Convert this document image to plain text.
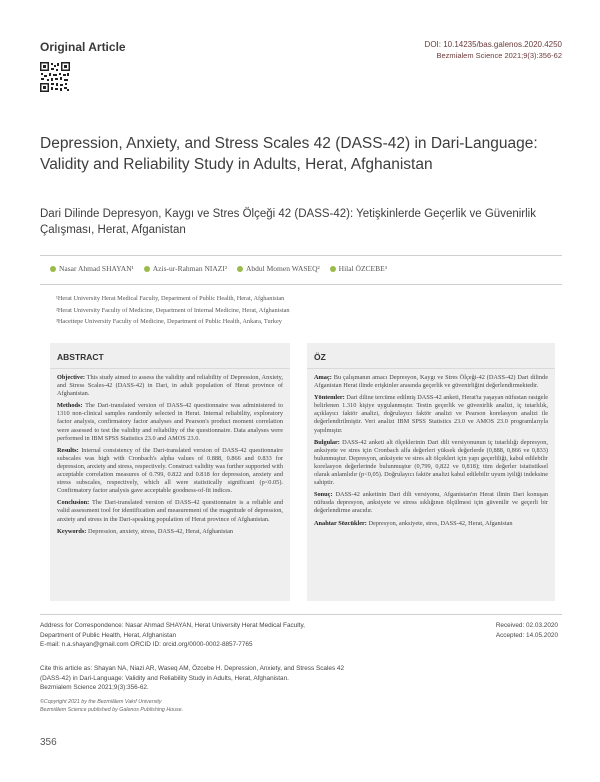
Original Article	DOI: 10.14235/bas.galenos.2020.4250
Bezmialem Science 2021;9(3):356-62
Depression, Anxiety, and Stress Scales 42 (DASS-42) in Dari-Language: Validity and Reliability Study in Adults, Herat, Afghanistan
Dari Dilinde Depresyon, Kaygı ve Stres Ölçeği 42 (DASS-42): Yetişkinlerde Geçerlik ve Güvenirlik Çalışması, Herat, Afganistan
Nasar Ahmad SHAYAN¹	Azis-ur-Rahman NIAZI²	Abdul Momen WASEQ²	Hilal ÖZCEBE³
¹Herat University Herat Medical Faculty, Department of Public Health, Herat, Afghanistan
²Herat University Faculty of Medicine, Department of Internal Medicine, Herat, Afghanistan
³Hacettepe University Faculty of Medicine, Department of Public Health, Ankara, Turkey
ABSTRACT

Objective: This study aimed to assess the validity and reliability of Depression, Anxiety, and Stress Scales-42 (DASS-42) in Dari, in adult population of Herat province of Afghanistan.

Methods: The Dari-translated version of DASS-42 questionnaire was administered to 1310 non-clinical samples randomly selected in Herat. Internal reliability, exploratory factor analysis, confirmatory factor analyses and Pearson's product moment correlation were assessed to test the validity and reliability of the questionnaire. Data analyses were performed in IBM SPSS Statistics 23.0 and AMOS 23.0.

Results: Internal consistency of the Dari-translated version of DASS-42 questionnaire subscales was high with Cronbach's alpha values of 0.888, 0.866 and 0.833 for depression, anxiety and stress, respectively. Construct validity was further supported with acceptable correlation measures of 0.799, 0.822 and 0.818 for depression, anxiety and stress subscales, respectively, which all were statistically significant (p<0.05). Confirmatory factor analysis gave acceptable goodness-of-fit indices.

Conclusion: The Dari-translated version of DASS-42 questionnaire is a reliable and valid assessment tool for identification and measurement of the magnitude of depression, anxiety and stress in the Dari-speaking population of Herat province of Afghanistan.

Keywords: Depression, anxiety, stress, DASS-42, Herat, Afghanistan

ÖZ

Amaç: Bu çalışmanın amacı Depresyon, Kaygı ve Stres Ölçeği-42 (DASS-42) Dari dilinde Afganistan Herat ilinde erişkinler arasında geçerlik ve güvenirliğini değerlendirmektedir.

Yöntemler: Dari diline tercüme edilmiş DASS-42 anketi, Herat'ta yaşayan nüfustan rastgele belirlenen 1.310 kişiye uygulanmıştır. Testin geçerlik ve güvenirlik analizi, iç tutarlılık, açıklayıcı faktör analizi, doğrulayıcı faktör analizi ve Pearson korelasyon analizi ile değerlendirilmiştir. Veri analizi IBM SPSS Statistics 23.0 ve AMOS 23.0 programlarıyla yapılmıştır.

Bulgular: DASS-42 anketi alt ölçeklerinin Dari dili versiyonunun iç tutarlılığı depresyon, anksiyete ve stres için Cronbach alfa değerleri yüksek değerlerde (0,888, 0,866 ve 0,833) bulunmuştur. Depresyon, anksiyete ve stres alt ölçekleri için yapı geçerliliği, kabul edilebilir korelasyon değerlerinde bulunmuştur (0,799, 0,822 ve 0,818); tüm değerler istatistiksel olarak anlamlıdır (p<0,05). Doğrulayıcı faktör analizi kabul edilebilir uyum iyiliği indeksine sahiptir.

Sonuç: DASS-42 anketinin Dari dili versiyonu, Afganistan'ın Herat ilinin Dari konuşan nüfusda depresyon, anksiyete ve stress sıklığının ölçülmesi için güvenilir ve geçerli bir değerlendirme aracıdır.

Anahtar Sözcükler: Depresyon, anksiyete, stres, DASS-42, Herat, Afganistan

Address for Correspondence: Nasar Ahmad SHAYAN, Herat University Herat Medical Faculty,
Department of Public Health, Herat, Afghanistan
E-mail: n.a.shayan@gmail.com ORCID ID: orcid.org/0000-0002-8857-7765
Received: 02.03.2020
Accepted: 14.05.2020
Cite this article as: Shayan NA, Niazi AR, Waseq AM, Özcebe H. Depression, Anxiety, and Stress Scales 42
(DASS-42) in Dari-Language: Validity and Reliability Study in Adults, Herat, Afghanistan.
Bezmialem Science 2021;9(3):356-62.
©Copyright 2021 by the Bezmiâlem Vakıf University
Bezmiâlem Science published by Galenos Publishing House.
356
